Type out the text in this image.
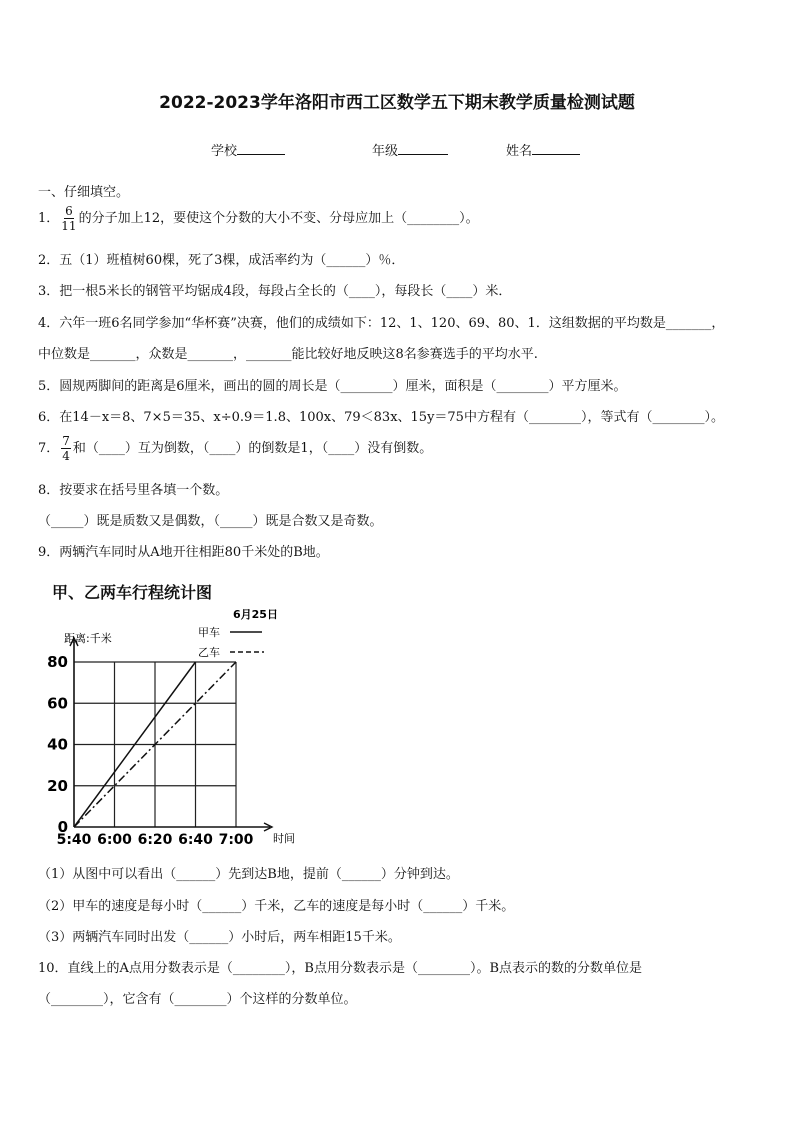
2022-2023学年洛阳市西工区数学五下期末教学质量检测试题
学校	年级	姓名
一、仔细填空。
1． $\frac{6}{11}$ 的分子加上12，要使这个分数的大小不变、分母应加上（________）。
2．五（1）班植树60棵，死了3棵，成活率约为（______）％．
3．把一根5米长的钢管平均锯成4段，每段占全长的（____），每段长（____）米．
4．六年一班6名同学参加“华杯赛”决赛，他们的成绩如下：12、1、120、69、80、1．这组数据的平均数是_______，
中位数是_______，众数是_______，_______能比较好地反映这8名参赛选手的平均水平.
5．圆规两脚间的距离是6厘米，画出的圆的周长是（________）厘米，面积是（________）平方厘米。
6．在14－x＝8、7×5＝35、x÷0.9＝1.8、100x、79＜83x、15y＝75中方程有（________），等式有（________）。
7． $\frac{7}{4}$ 和（____）互为倒数，（____）的倒数是1，（____）没有倒数。
8．按要求在括号里各填一个数。
（_____）既是质数又是偶数，（_____）既是合数又是奇数。
9．两辆汽车同时从A地开往相距80千米处的B地。
甲、乙两车行程统计图
6月25日
距离:千米
时间
甲车
乙车
0
20
40
60
80
5:40 6:00 6:20 6:40 7:00
（1）从图中可以看出（______）先到达B地，提前（______）分钟到达。
（2）甲车的速度是每小时（______）千米，乙车的速度是每小时（______）千米。
（3）两辆汽车同时出发（______）小时后，两车相距15千米。
10．直线上的A点用分数表示是（________），B点用分数表示是（________）。B点表示的数的分数单位是
（________），它含有（________）个这样的分数单位。
